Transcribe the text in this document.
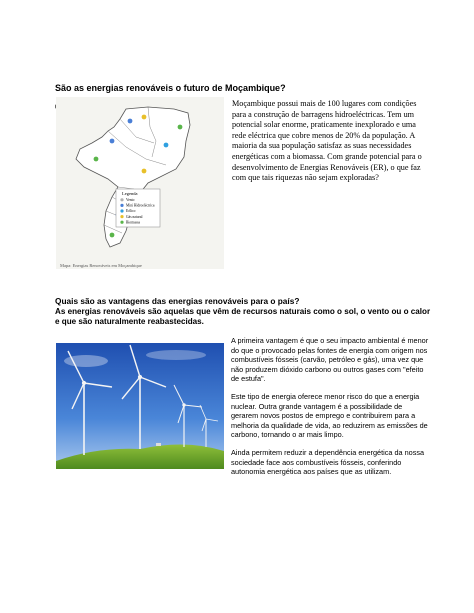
São as energias renováveis o futuro de Moçambique?
Legenda
Vento
Mini Hidroeléctrica
Eólico
Gás natural
Biomassa
Mapa: Energias Renováveis em Moçambique
Moçambique possui mais de 100 lugares com condições para a construção de barragens hidroeléctricas. Tem um potencial solar enorme, praticamente inexplorado e uma rede eléctrica que cobre menos de 20% da população. A maioria da sua população satisfaz as suas necessidades energéticas com a biomassa. Com grande potencial para o desenvolvimento de Energias Renováveis (ER), o que faz com que tais riquezas não sejam exploradas?
Quais são as vantagens das energias renováveis para o país?
As energias renováveis são aquelas que vêm de recursos naturais como o sol, o vento ou o calor e que são naturalmente reabastecidas.

A primeira vantagem é que o seu impacto ambiental é menor do que o provocado pelas fontes de energia com origem nos combustíveis fósseis (carvão, petróleo e gás), uma vez que não produzem dióxido carbono ou outros gases com "efeito de estufa".

Este tipo de energia oferece menor risco do que a energia nuclear. Outra grande vantagem é a possibilidade de gerarem novos postos de emprego e contribuirem para a melhoria da qualidade de vida, ao reduzirem as emissões de carbono, tornando o ar mais limpo.

Ainda permitem reduzir a dependência energética da nossa sociedade face aos combustíveis fósseis, conferindo autonomia energética aos países que as utilizam.
